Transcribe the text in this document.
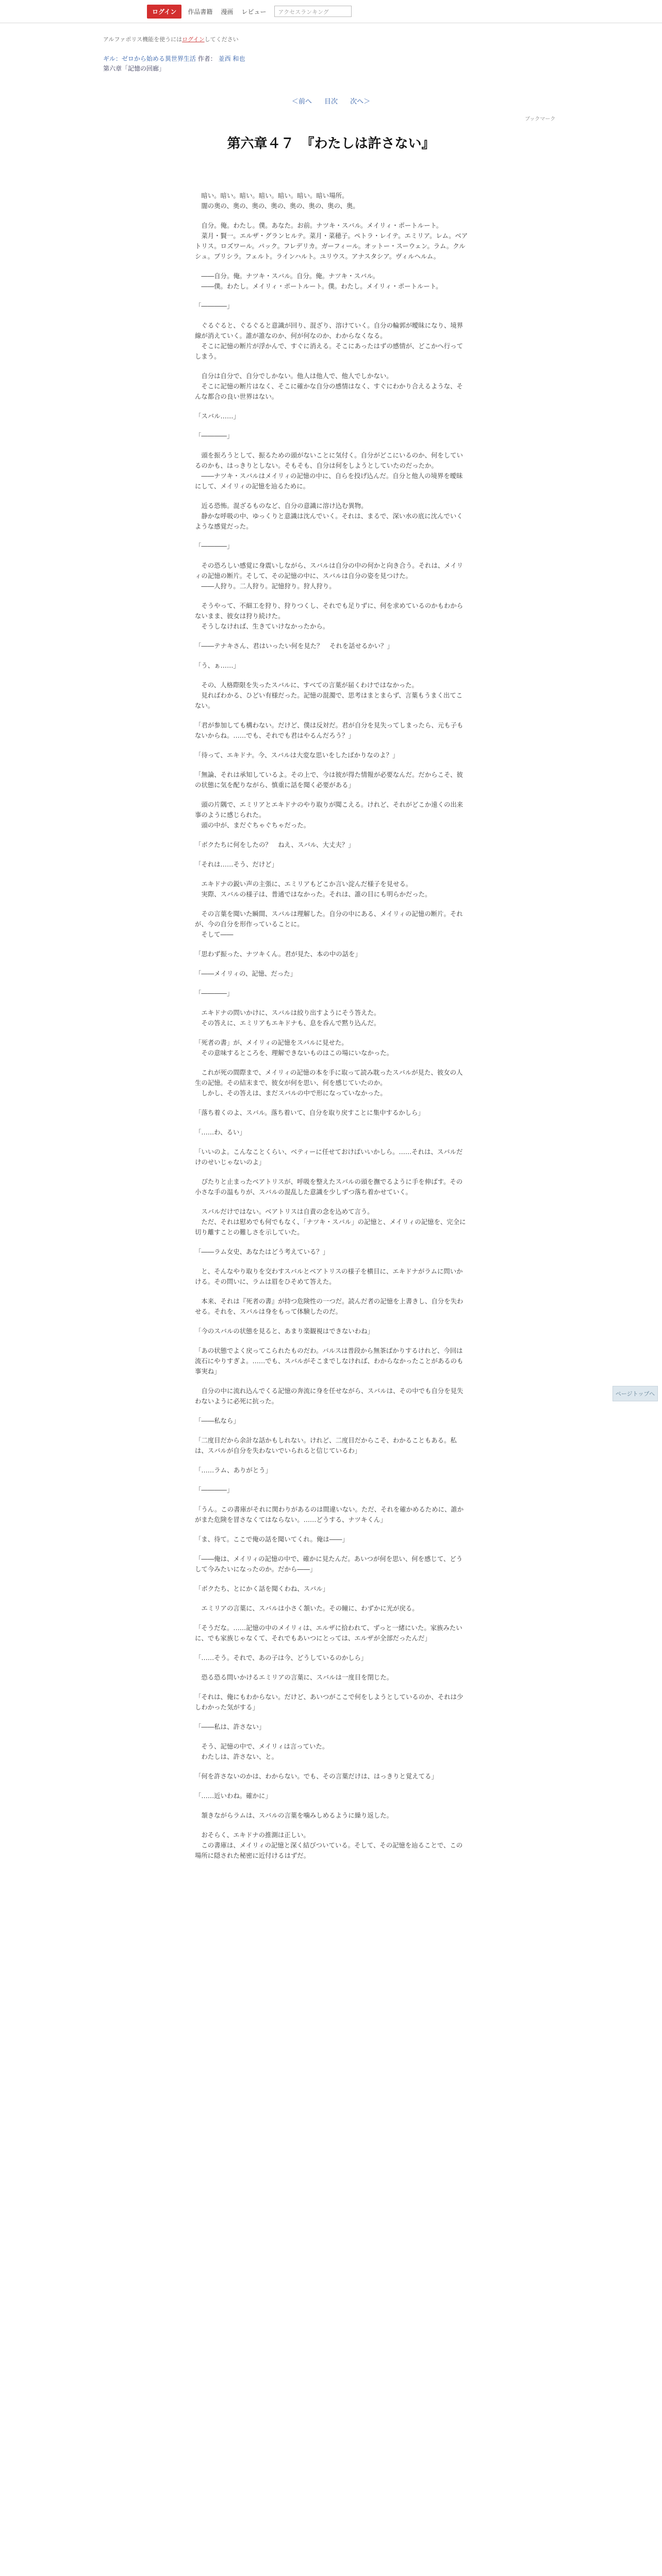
ログイン	作品書籍 漫画 レビュー	アクセスランキング
アルファポリス機能を使うにはログインしてください
ギル：ゼロから始める異世界生活 作者： 並西 和也
第六章「記憶の回廊」
＜前へ 目次 次へ＞
ブックマーク
第六章４７　『わたしは許さない』

　暗い。暗い。暗い。暗い。暗い。暗い。暗い場所。
　闇の奥の、奥の、奥の、奥の、奥の、奥の、奥の、奥。

　自分。俺。わたし。僕。あなた。お前。ナツキ・スバル。メイリィ・ポートルート。
　菜月・賢一。エルザ・グランヒルテ。菜月・菜穂子。ペトラ・レイテ。エミリア。レム。ベアトリス。ロズワール。パック。フレデリカ。ガーフィール。オットー・スーウェン。ラム。クルシュ。プリシラ。フェルト。ラインハルト。ユリウス。アナスタシア。ヴィルヘルム。

　――自分。俺。ナツキ・スバル。自分。俺。ナツキ・スバル。
　――僕。わたし。メイリィ・ポートルート。僕。わたし。メイリィ・ポートルート。

「――――」

　ぐるぐると、ぐるぐると意識が回り、混ざり、溶けていく。自分の輪郭が曖昧になり、境界線が消えていく。誰が誰なのか、何が何なのか、わからなくなる。
　そこに記憶の断片が浮かんで、すぐに消える。そこにあったはずの感情が、どこかへ行ってしまう。

　自分は自分で、自分でしかない。他人は他人で、他人でしかない。
　そこに記憶の断片はなく、そこに確かな自分の感情はなく、すぐにわかり合えるような、そんな都合の良い世界はない。

「スバル……」

「――――」

　頭を振ろうとして、振るための頭がないことに気付く。自分がどこにいるのか、何をしているのかも、はっきりとしない。そもそも、自分は何をしようとしていたのだったか。
　――ナツキ・スバルはメイリィの記憶の中に、自らを投げ込んだ。自分と他人の境界を曖昧にして、メイリィの記憶を辿るために。

　近る恐怖。混ざるものなど、自分の意識に溶け込む異物。
　静かな呼吸の中、ゆっくりと意識は沈んでいく。それは、まるで、深い水の底に沈んでいくような感覚だった。

「――――」

　その恐ろしい感覚に身震いしながら、スバルは自分の中の何かと向き合う。それは、メイリィの記憶の断片。そして、その記憶の中に、スバルは自分の姿を見つけた。
　――人狩り。二人狩り。記憶狩り。狩人狩り。

　そうやって、不細工を狩り、狩りつくし、それでも足りずに、何を求めているのかもわからないまま、彼女は狩り続けた。
　そうしなければ、生きていけなかったから。

「――テナキさん、君はいったい何を見た？　それを話せるかい？」

「う、ぁ……」

　その、人格際限を失ったスバルに、すべての言葉が届くわけではなかった。
　見ればわかる、ひどい有様だった。記憶の混濁で、思考はまとまらず、言葉もうまく出てこない。

「君が参加しても構わない。だけど、僕は反対だ。君が自分を見失ってしまったら、元も子もないからね。……でも、それでも君はやるんだろう？」

「待って、エキドナ。今、スバルは大変な思いをしたばかりなのよ？」

「無論、それは承知しているよ。その上で、今は彼が得た情報が必要なんだ。だからこそ、彼の状態に気を配りながら、慎重に話を聞く必要がある」

　頭の片隅で、エミリアとエキドナのやり取りが聞こえる。けれど、それがどこか遠くの出来事のように感じられた。
　頭の中が、まだぐちゃぐちゃだった。

「ボクたちに何をしたの？　ねえ、スバル、大丈夫？」

「それは……そう、だけど」

　エキドナの鋭い声の主張に、エミリアもどこか言い淀んだ様子を見せる。
　実際、スバルの様子は、普通ではなかった。それは、誰の目にも明らかだった。

　その言葉を聞いた瞬間、スバルは理解した。自分の中にある、メイリィの記憶の断片。それが、今の自分を形作っていることに。
　そして――

「思わず振った、ナツキくん。君が見た、本の中の話を」

「――メイリィの、記憶、だった」

「――――」

　エキドナの問いかけに、スバルは絞り出すようにそう答えた。
　その答えに、エミリアもエキドナも、息を呑んで黙り込んだ。

「死者の書」が、メイリィの記憶をスバルに見せた。
　その意味するところを、理解できないものはこの場にいなかった。

　これが死の間際まで、メイリィの記憶の本を手に取って読み耽ったスバルが見た、彼女の人生の記憶。その結末まで、彼女が何を思い、何を感じていたのか。
　しかし、その答えは、まだスバルの中で形になっていなかった。

「落ち着くのよ、スバル。落ち着いて、自分を取り戻すことに集中するかしら」

「……わ、るい」

「いいのよ。こんなことくらい、ベティーに任せておけばいいかしら。……それは、スバルだけのせいじゃないのよ」

　ぴたりと止まったベアトリスが、呼吸を整えたスバルの頭を撫でるように手を伸ばす。その小さな手の温もりが、スバルの混乱した意識を少しずつ落ち着かせていく。

　スバルだけではない。ベアトリスは自責の念を込めて言う。
　ただ、それは慰めでも何でもなく、「ナツキ・スバル」の記憶と、メイリィの記憶を、完全に切り離すことの難しさを示していた。

「――ラム女史、あなたはどう考えている？」

　と、そんなやり取りを交わすスバルとベアトリスの様子を横目に、エキドナがラムに問いかける。その問いに、ラムは眉をひそめて答えた。

　本来、それは『死者の書』が持つ危険性の一つだ。読んだ者の記憶を上書きし、自分を失わせる。それを、スバルは身をもって体験したのだ。

「今のスバルの状態を見ると、あまり楽観視はできないわね」

「あの状態でよく戻ってこられたものだわ。バルスは普段から無茶ばかりするけれど、今回は流石にやりすぎよ。……でも、スバルがそこまでしなければ、わからなかったことがあるのも事実ね」

　自分の中に流れ込んでくる記憶の奔流に身を任せながら、スバルは、その中でも自分を見失わないように必死に抗った。

「――私なら」

「二度目だから余計な話かもしれない。けれど、二度目だからこそ、わかることもある。私は、スバルが自分を失わないでいられると信じているわ」

「……ラム、ありがとう」

「――――」

「うん。この書庫がそれに関わりがあるのは間違いない。ただ、それを確かめるために、誰かがまた危険を冒さなくてはならない。……どうする、ナツキくん」

「ま、待て。ここで俺の話を聞いてくれ。俺は――」

「――俺は、メイリィの記憶の中で、確かに見たんだ。あいつが何を思い、何を感じて、どうして今みたいになったのか。だから――」

「ボクたち、とにかく話を聞くわね、スバル」

　エミリアの言葉に、スバルは小さく頷いた。その瞳に、わずかに光が戻る。

「そうだな。……記憶の中のメイリィは、エルザに拾われて、ずっと一緒にいた。家族みたいに、でも家族じゃなくて、それでもあいつにとっては、エルザが全部だったんだ」

「……そう。それで、あの子は今、どうしているのかしら」

　恐る恐る問いかけるエミリアの言葉に、スバルは一度目を閉じた。

「それは、俺にもわからない。だけど、あいつがここで何をしようとしているのか、それは少しわかった気がする」

「――私は、許さない」

　そう、記憶の中で、メイリィは言っていた。
　わたしは、許さない、と。

「何を許さないのかは、わからない。でも、その言葉だけは、はっきりと覚えてる」

「……近いわね。確かに」

　頷きながらラムは、スバルの言葉を噛みしめるように繰り返した。

　おそらく、エキドナの推測は正しい。
　この書庫は、メイリィの記憶と深く結びついている。そして、その記憶を辿ることで、この場所に隠された秘密に近付けるはずだ。

ページトップへ
